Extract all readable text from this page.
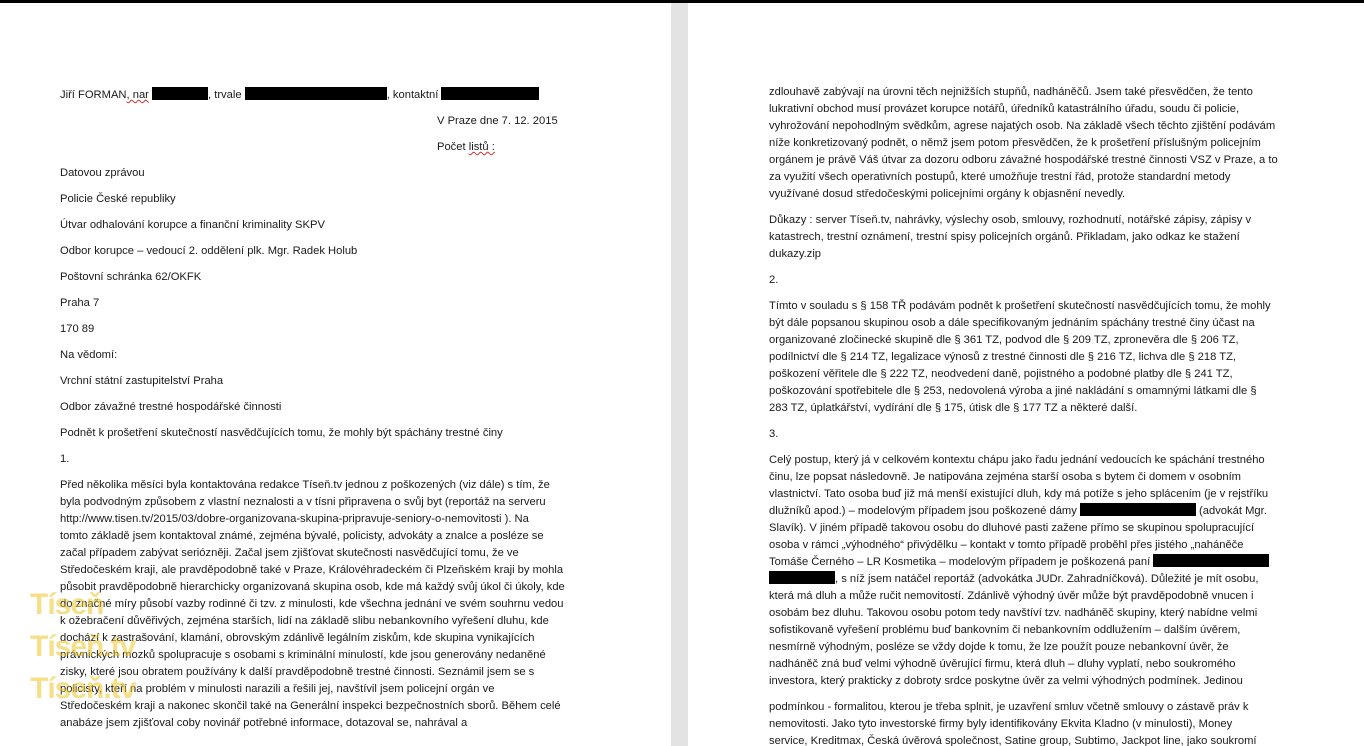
Jiří FORMAN, nar	, trvale	, kontaktní
V Praze dne 7. 12. 2015
Počet listů :
Datovou zprávou
Policie České republiky
Útvar odhalování korupce a finanční kriminality SKPV
Odbor korupce – vedoucí 2. oddělení plk. Mgr. Radek Holub
Poštovní schránka 62/OKFK
Praha 7
170 89
Na vědomí:
Vrchní státní zastupitelství Praha
Odbor závažné trestné hospodářské činnosti
Podnět k prošetření skutečností nasvědčujících tomu, že mohly být spáchány trestné činy
1.
Před několika měsíci byla kontaktována redakce Tíseň.tv jednou z poškozených (viz dále) s tím, že
byla podvodným způsobem z vlastní neznalosti a v tísni připravena o svůj byt (reportáž na serveru
http://www.tisen.tv/2015/03/dobre-organizovana-skupina-pripravuje-seniory-o-nemovitosti ). Na
tomto základě jsem kontaktoval známé, zejména bývalé, policisty, advokáty a znalce a posléze se
začal případem zabývat seriózněji. Začal jsem zjišťovat skutečnosti nasvědčující tomu, že ve
Středočeském kraji, ale pravděpodobně také v Praze, Královéhradeckém či Plzeňském kraji by mohla
působit pravděpodobně hierarchicky organizovaná skupina osob, kde má každý svůj úkol či úkoly, kde
do značné míry působí vazby rodinné či tzv. z minulosti, kde všechna jednání ve svém souhrnu vedou
k ožebračení důvěřivých, zejména starších, lidí na základě slibu nebankovního vyřešení dluhu, kde
dochází k zastrašování, klamání, obrovským zdánlivě legálním ziskům, kde skupina vynikajících
právnických mozků spolupracuje s osobami s kriminální minulostí, kde jsou generovány nedaněné
zisky, které jsou obratem používány k další pravděpodobně trestné činnosti. Seznámil jsem se s
policisty, kteří na problém v minulosti narazili a řešili jej, navštívil jsem policejní orgán ve
Středočeském kraji a nakonec skončil také na Generální inspekci bezpečnostních sborů. Během celé
anabáze jsem zjišťoval coby novinář potřebné informace, dotazoval se, nahrával a
Tíseň
Tíseň.tv
Tíseň.tv
zdlouhavě zabývají na úrovni těch nejnižších stupňů, nadháněčů. Jsem také přesvědčen, že tento
lukrativní obchod musí provázet korupce notářů, úředníků katastrálního úřadu, soudu či policie,
vyhrožování nepohodlným svědkům, agrese najatých osob. Na základě všech těchto zjištění podávám
níže konkretizovaný podnět, o němž jsem potom přesvědčen, že k prošetření příslušným policejním
orgánem je právě Váš útvar za dozoru odboru závažné hospodářské trestné činnosti VSZ v Praze, a to
za využití všech operativních postupů, které umožňuje trestní řád, protože standardní metody
využívané dosud středočeskými policejními orgány k objasnění nevedly.
Důkazy : server Tíseň.tv, nahrávky, výslechy osob, smlouvy, rozhodnutí, notářské zápisy, zápisy v
katastrech, trestní oznámení, trestní spisy policejních orgánů. Přikladam, jako odkaz ke stažení
dukazy.zip
2.
Tímto v souladu s § 158 TŘ podávám podnět k prošetření skutečností nasvědčujících tomu, že mohly
být dále popsanou skupinou osob a dále specifikovaným jednáním spáchány trestné činy účast na
organizované zločinecké skupině dle § 361 TZ, podvod dle § 209 TZ, zpronevěra dle § 206 TZ,
podílnictví dle § 214 TZ, legalizace výnosů z trestné činnosti dle § 216 TZ, lichva dle § 218 TZ,
poškození věřitele dle § 222 TZ, neodvedení daně, pojistného a podobné platby dle § 241 TZ,
poškozování spotřebitele dle § 253, nedovolená výroba a jiné nakládání s omamnými látkami dle §
283 TZ, úplatkářství, vydírání dle § 175, útisk dle § 177 TZ a některé další.
3.
Celý postup, který já v celkovém kontextu chápu jako řadu jednání vedoucích ke spáchání trestného
činu, lze popsat následovně. Je natipována zejména starší osoba s bytem či domem v osobním
vlastnictví. Tato osoba buď již má menší existující dluh, kdy má potíže s jeho splácením (je v rejstříku
dlužníků apod.) – modelovým případem jsou poškozené dámy	(advokát Mgr.
Slavík). V jiném případě takovou osobu do dluhové pasti zažene přímo se skupinou spolupracující
osoba v rámci „výhodného“ přivýdělku – kontakt v tomto případě proběhl přes jistého „naháněče
Tomáše Černého – LR Kosmetika – modelovým případem je poškozená paní
, s níž jsem natáčel reportáž (advokátka JUDr. Zahradníčková). Důležité je mít osobu,
která má dluh a může ručit nemovitostí. Zdánlivě výhodný úvěr může být pravděpodobně vnucen i
osobám bez dluhu. Takovou osobu potom tedy navštíví tzv. nadháněč skupiny, který nabídne velmi
sofistikovaně vyřešení problému buď bankovním či nebankovním oddlužením – dalším úvěrem,
nesmírně výhodným, posléze se vždy dojde k tomu, že lze použít pouze nebankovní úvěr, že
nadháněč zná buď velmi výhodně úvěrující firmu, která dluh – dluhy vyplatí, nebo soukromého
investora, který prakticky z dobroty srdce poskytne úvěr za velmi výhodných podmínek. Jedinou
podmínkou - formalitou, kterou je třeba splnit, je uzavření smluv včetně smlouvy o zástavě práv k
nemovitosti. Jako tyto investorské firmy byly identifikovány Ekvita Kladno (v minulosti), Money
service, Kreditmax, Česká úvěrová společnost, Satine group, Subtimo, Jackpot line, jako soukromí
